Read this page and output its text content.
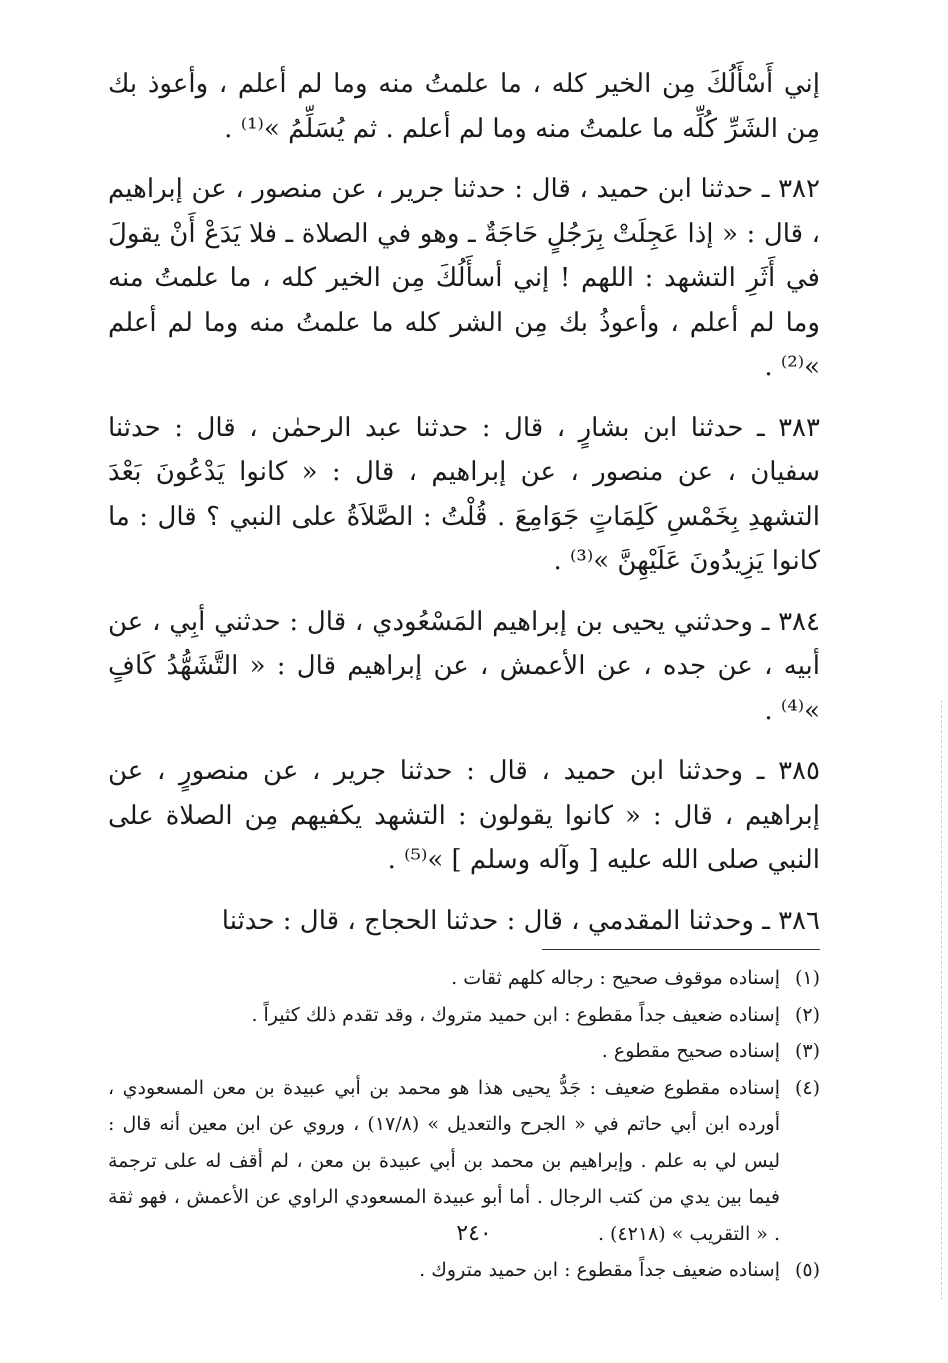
إني أَسْأَلُكَ مِن الخير كله ، ما علمتُ منه وما لم أعلم ، وأعوذ بك مِن الشَرِّ كُلِّه ما علمتُ منه وما لم أعلم . ثم يُسَلِّمُ »⁽¹⁾ .

٣٨٢ ـ حدثنا ابن حميد ، قال : حدثنا جرير ، عن منصور ، عن إبراهيم ، قال : « إذا عَجِلَتْ بِرَجُلٍ حَاجَةٌ ـ وهو في الصلاة ـ فلا يَدَعْ أَنْ يقولَ في أَثَرِ التشهد : اللهم ! إني أسأَلُكَ مِن الخير كله ، ما علمتُ منه وما لم أعلم ، وأعوذُ بك مِن الشر كله ما علمتُ منه وما لم أعلم »⁽²⁾ .

٣٨٣ ـ حدثنا ابن بشارٍ ، قال : حدثنا عبد الرحمٰن ، قال : حدثنا سفيان ، عن منصور ، عن إبراهيم ، قال : « كانوا يَدْعُونَ بَعْدَ التشهدِ بِخَمْسِ كَلِمَاتٍ جَوَامِعَ . قُلْتُ : الصَّلاَةُ على النبي ؟ قال : ما كانوا يَزِيدُونَ عَلَيْهِنَّ »⁽³⁾ .

٣٨٤ ـ وحدثني يحيى بن إبراهيم المَسْعُودي ، قال : حدثني أبِي ، عن أبيه ، عن جده ، عن الأعمش ، عن إبراهيم قال : « التَّشَهُّدُ كَافٍ »⁽⁴⁾ .

٣٨٥ ـ وحدثنا ابن حميد ، قال : حدثنا جرير ، عن منصورٍ ، عن إبراهيم ، قال : « كانوا يقولون : التشهد يكفيهم مِن الصلاة على النبي صلى الله عليه [ وآله وسلم ] »⁽⁵⁾ .

٣٨٦ ـ وحدثنا المقدمي ، قال : حدثنا الحجاج ، قال : حدثنا

(١)
إسناده موقوف صحيح : رجاله كلهم ثقات .
(٢)
إسناده ضعيف جداً مقطوع : ابن حميد متروك ، وقد تقدم ذلك كثيراً .
(٣)
إسناده صحيح مقطوع .
(٤)
إسناده مقطوع ضعيف : جَدُّ يحيى هذا هو محمد بن أبي عبيدة بن معن المسعودي ، أورده ابن أبي حاتم في « الجرح والتعديل » (١٧/٨) ، وروي عن ابن معين أنه قال : ليس لي به علم . وإبراهيم بن محمد بن أبي عبيدة بن معن ، لم أقف له على ترجمة فيما بين يدي من كتب الرجال . أما أبو عبيدة المسعودي الراوي عن الأعمش ، فهو ثقة . « التقريب » (٤٢١٨) .
(٥)
إسناده ضعيف جداً مقطوع : ابن حميد متروك .
٢٤٠
